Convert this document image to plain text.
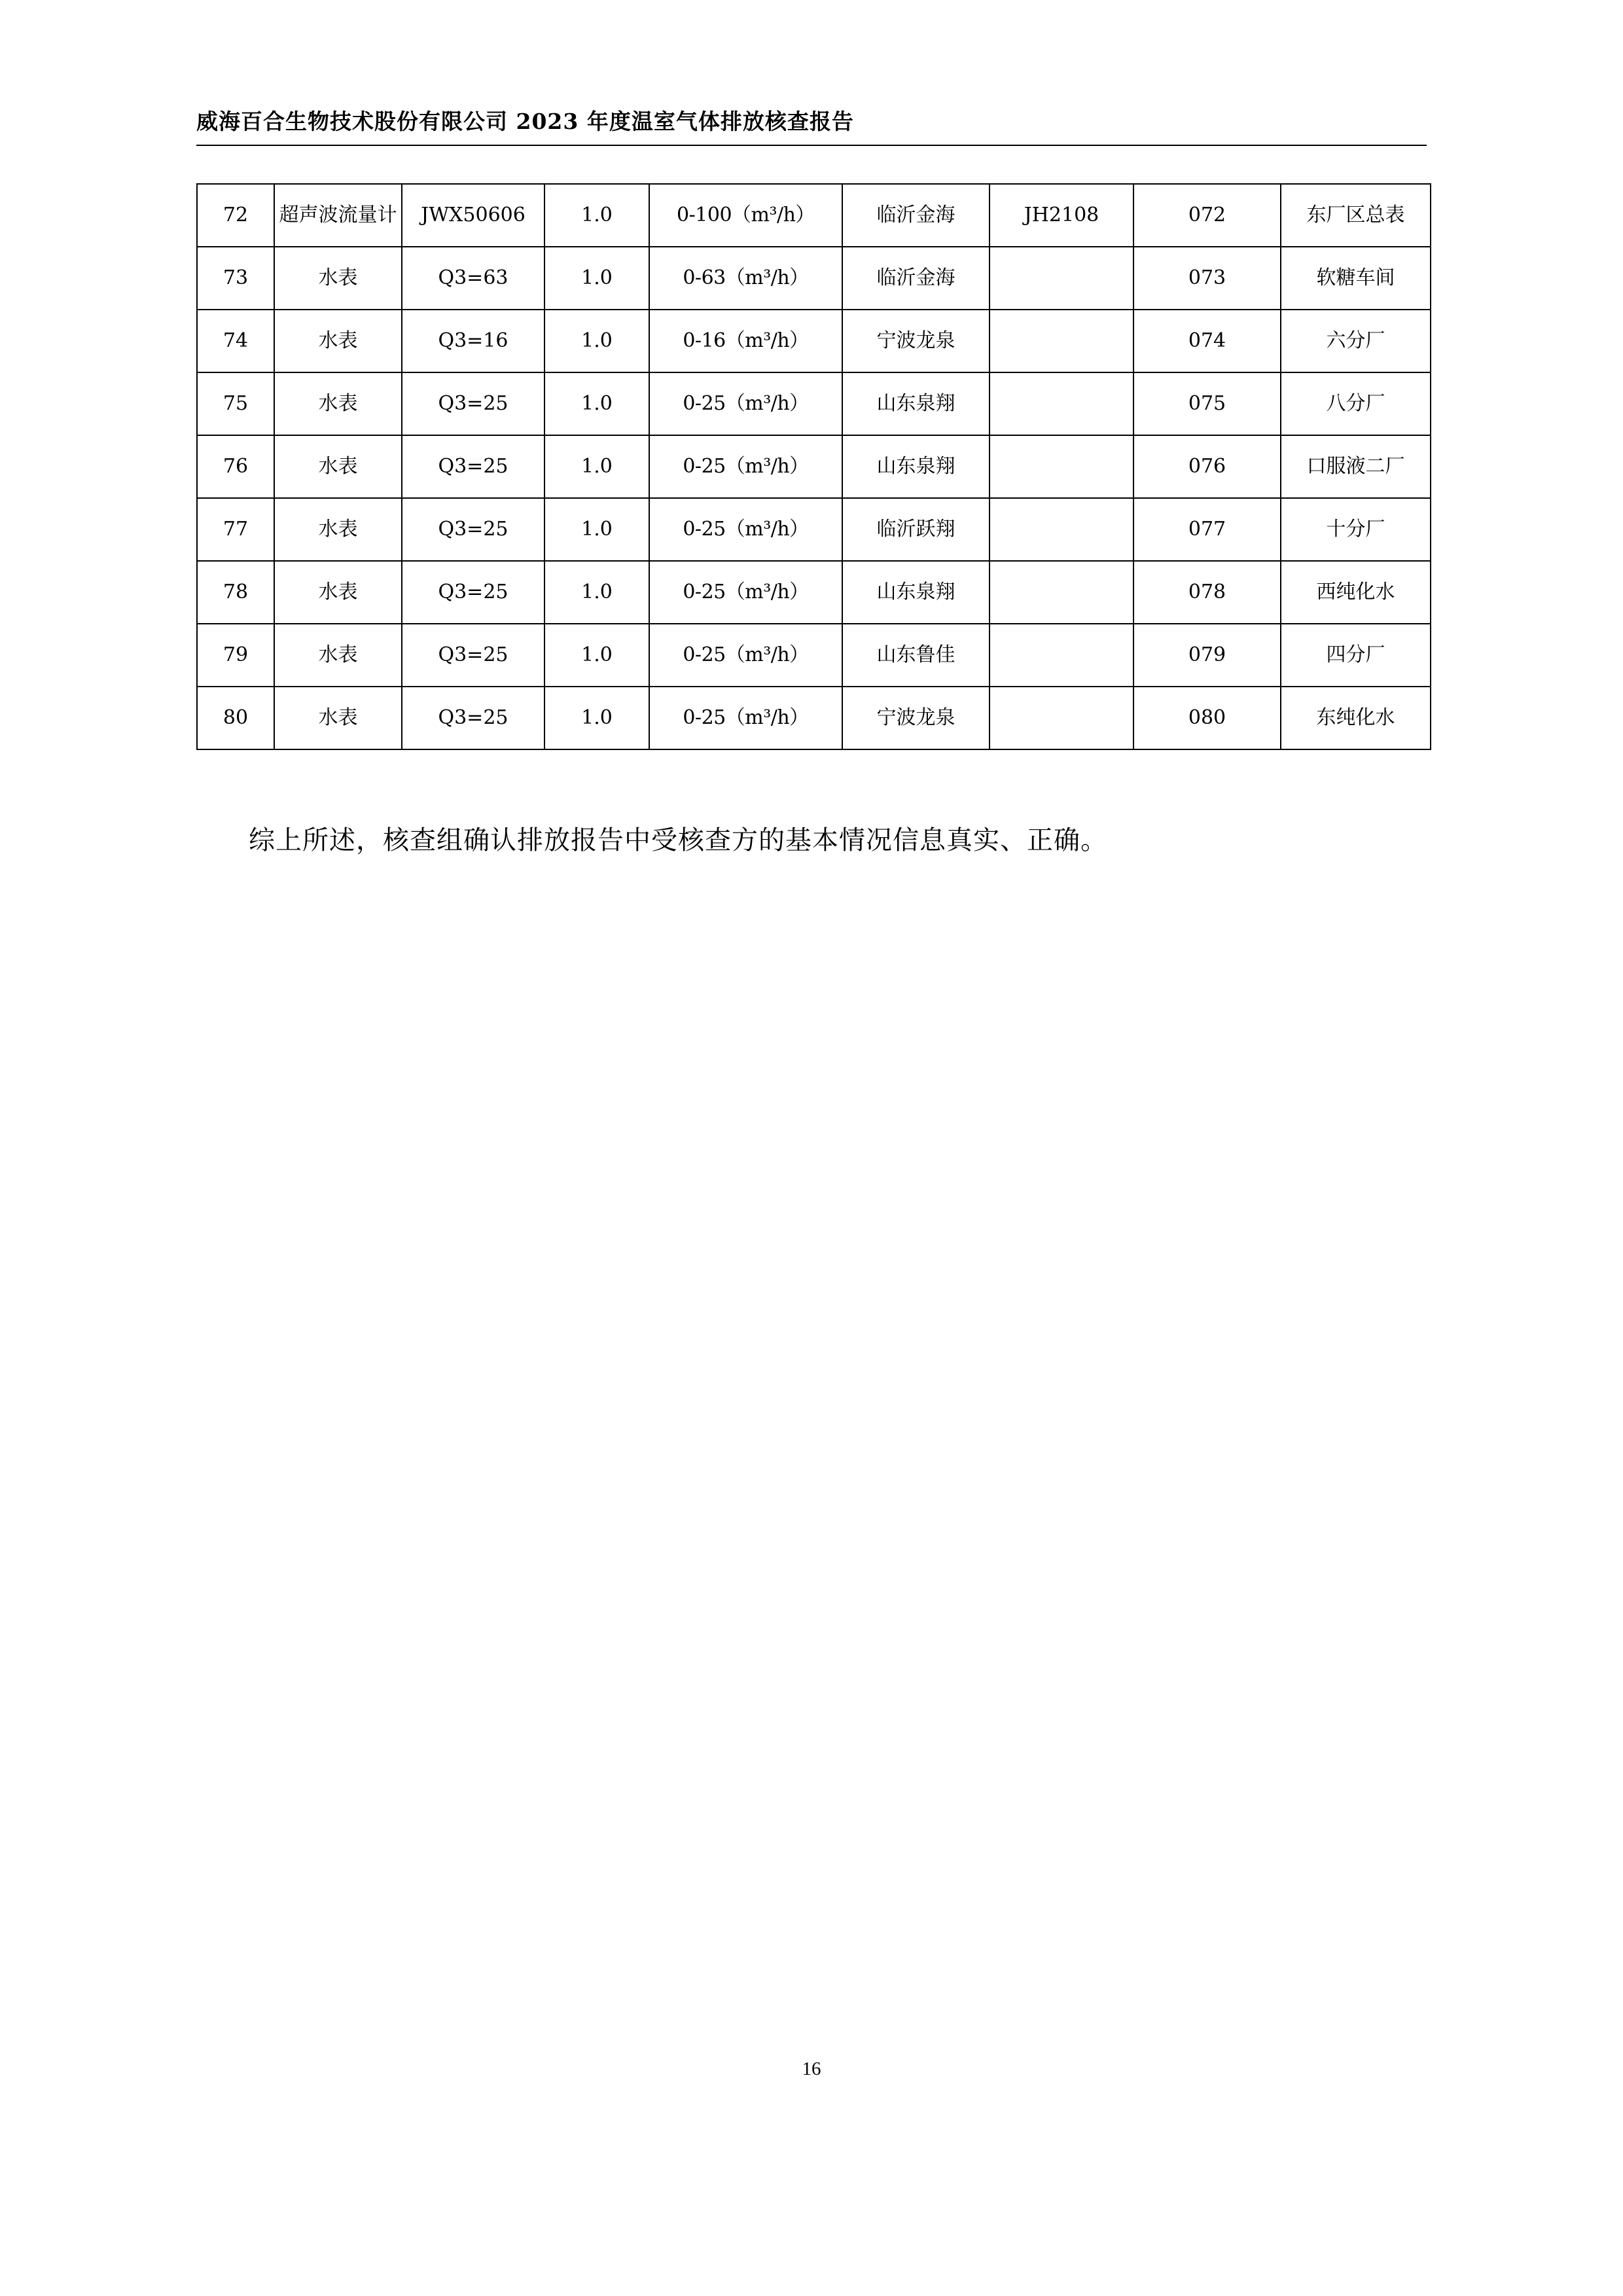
威海百合生物技术股份有限公司 2023 年度温室气体排放核查报告
72	超声波流量计	JWX50606	1.0	0-100（m³/h）	临沂金海	JH2108	072	东厂区总表
73	水表	Q3=63	1.0	0-63（m³/h）	临沂金海		073	软糖车间
74	水表	Q3=16	1.0	0-16（m³/h）	宁波龙泉		074	六分厂
75	水表	Q3=25	1.0	0-25（m³/h）	山东泉翔		075	八分厂
76	水表	Q3=25	1.0	0-25（m³/h）	山东泉翔		076	口服液二厂
77	水表	Q3=25	1.0	0-25（m³/h）	临沂跃翔		077	十分厂
78	水表	Q3=25	1.0	0-25（m³/h）	山东泉翔		078	西纯化水
79	水表	Q3=25	1.0	0-25（m³/h）	山东鲁佳		079	四分厂
80	水表	Q3=25	1.0	0-25（m³/h）	宁波龙泉		080	东纯化水

综上所述，核查组确认排放报告中受核查方的基本情况信息真实、正确。

16
